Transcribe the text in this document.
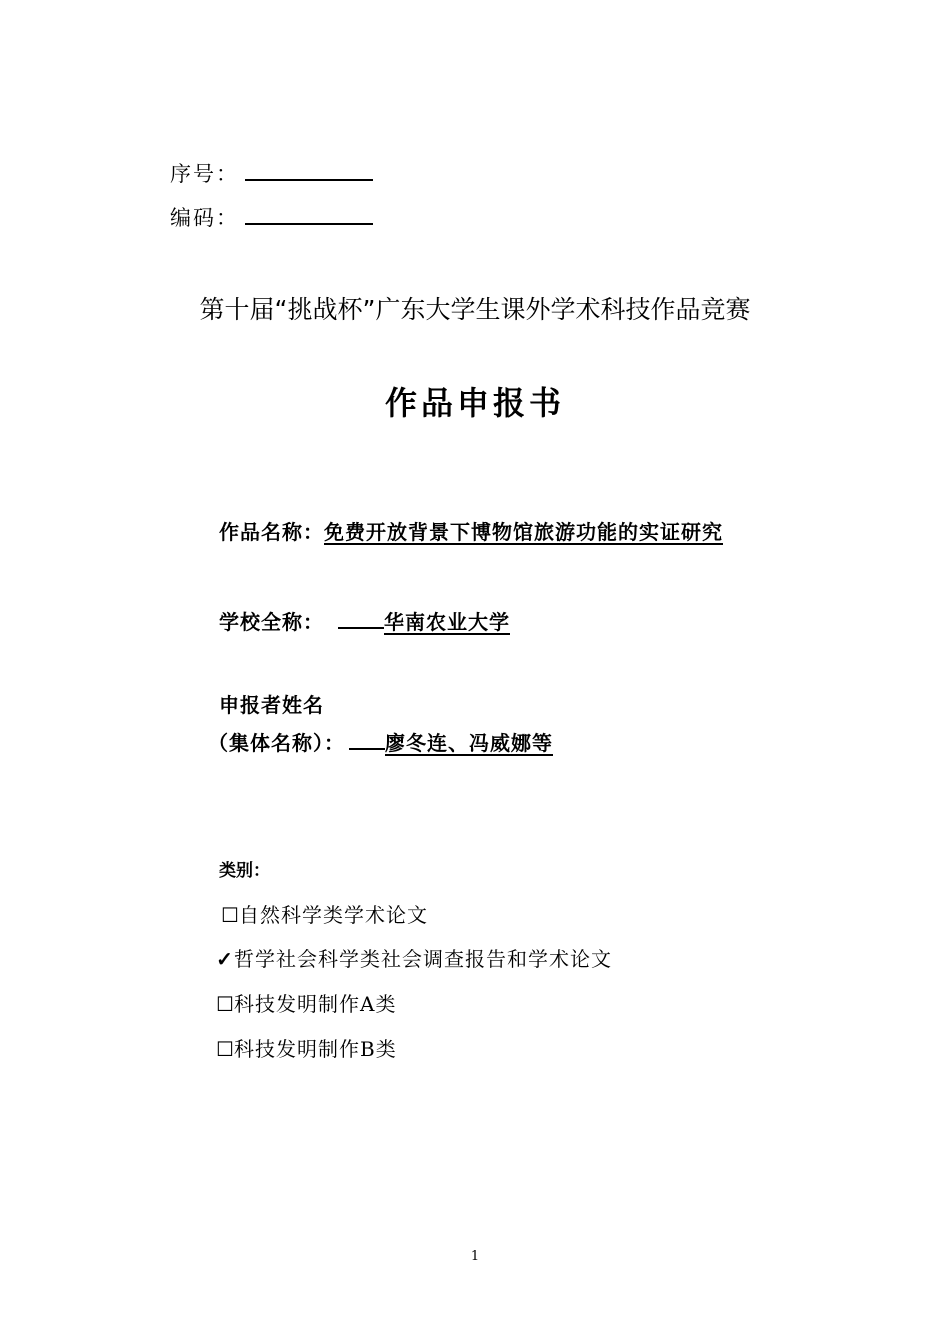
序号：
编码：
第十届“挑战杯”广东大学生课外学术科技作品竞赛
作品申报书
作品名称：免费开放背景下博物馆旅游功能的实证研究
学校全称：	华南农业大学
申报者姓名
（集体名称）： 廖冬连、冯威娜等
类别：
☐自然科学类学术论文
✓哲学社会科学类社会调查报告和学术论文
☐科技发明制作A类
☐科技发明制作B类
1
